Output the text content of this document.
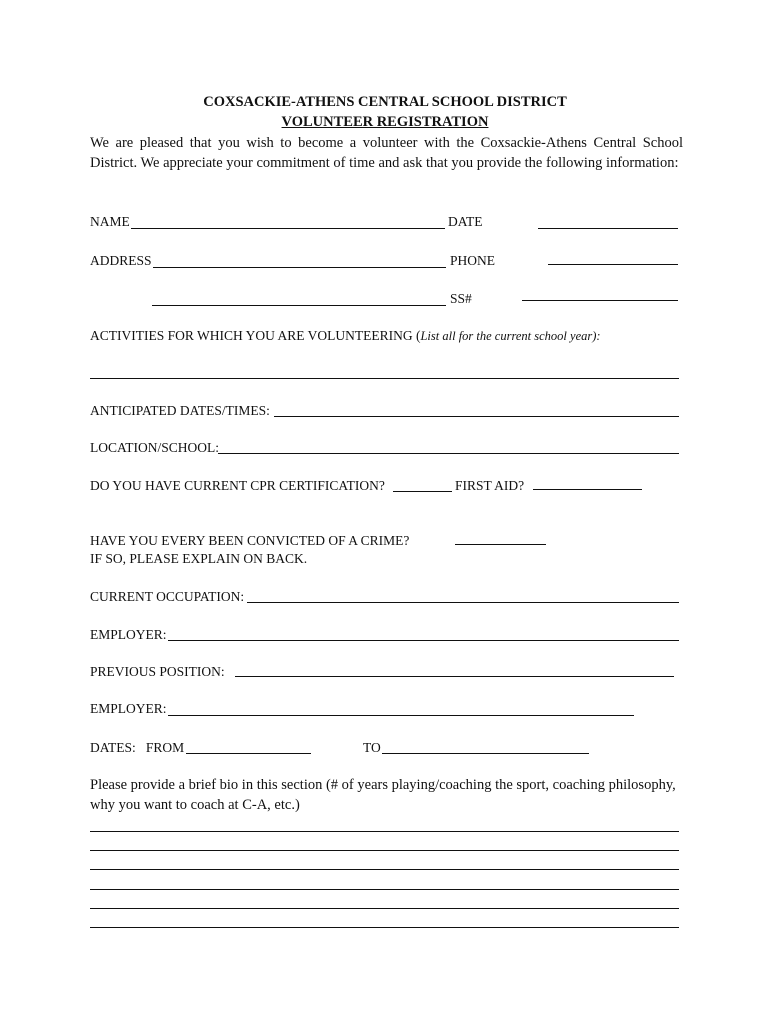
COXSACKIE-ATHENS CENTRAL SCHOOL DISTRICT
VOLUNTEER REGISTRATION
We are pleased that you wish to become a volunteer with the Coxsackie-Athens Central School District. We appreciate your commitment of time and ask that you provide the following information:
NAME	DATE
ADDRESS	PHONE
SS#
ACTIVITIES FOR WHICH YOU ARE VOLUNTEERING (List all for the current school year):
ANTICIPATED DATES/TIMES:
LOCATION/SCHOOL:
DO YOU HAVE CURRENT CPR CERTIFICATION?	FIRST AID?
HAVE YOU EVERY BEEN CONVICTED OF A CRIME?
IF SO, PLEASE EXPLAIN ON BACK.
CURRENT OCCUPATION:
EMPLOYER:
PREVIOUS POSITION:
EMPLOYER:
DATES:   FROM	TO
Please provide a brief bio in this section (# of years playing/coaching the sport, coaching philosophy, why you want to coach at C-A, etc.)
